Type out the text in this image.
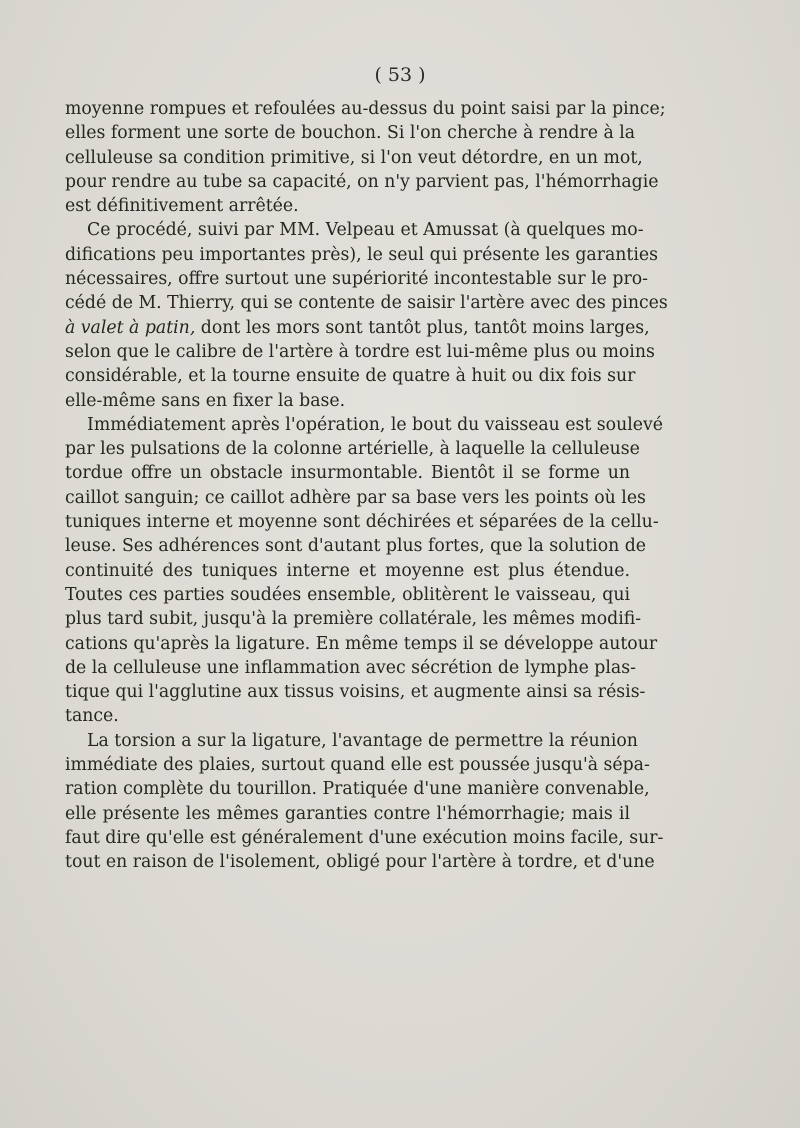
( 53 )
moyenne rompues et refoulées au-dessus du point saisi par la pince;
elles forment une sorte de bouchon. Si l'on cherche à rendre à la
celluleuse sa condition primitive, si l'on veut détordre, en un mot,
pour rendre au tube sa capacité, on n'y parvient pas, l'hémorrhagie
est définitivement arrêtée.
Ce procédé, suivi par MM. Velpeau et Amussat (à quelques mo-
difications peu importantes près), le seul qui présente les garanties
nécessaires, offre surtout une supériorité incontestable sur le pro-
cédé de M. Thierry, qui se contente de saisir l'artère avec des pinces
à valet à patin, dont les mors sont tantôt plus, tantôt moins larges,
selon que le calibre de l'artère à tordre est lui-même plus ou moins
considérable, et la tourne ensuite de quatre à huit ou dix fois sur
elle-même sans en fixer la base.
Immédiatement après l'opération, le bout du vaisseau est soulevé
par les pulsations de la colonne artérielle, à laquelle la celluleuse
tordue offre un obstacle insurmontable. Bientôt il se forme un
caillot sanguin; ce caillot adhère par sa base vers les points où les
tuniques interne et moyenne sont déchirées et séparées de la cellu-
leuse. Ses adhérences sont d'autant plus fortes, que la solution de
continuité des tuniques interne et moyenne est plus étendue.
Toutes ces parties soudées ensemble, oblitèrent le vaisseau, qui
plus tard subit, jusqu'à la première collatérale, les mêmes modifi-
cations qu'après la ligature. En même temps il se développe autour
de la celluleuse une inflammation avec sécrétion de lymphe plas-
tique qui l'agglutine aux tissus voisins, et augmente ainsi sa résis-
tance.
La torsion a sur la ligature, l'avantage de permettre la réunion
immédiate des plaies, surtout quand elle est poussée jusqu'à sépa-
ration complète du tourillon. Pratiquée d'une manière convenable,
elle présente les mêmes garanties contre l'hémorrhagie; mais il
faut dire qu'elle est généralement d'une exécution moins facile, sur-
tout en raison de l'isolement, obligé pour l'artère à tordre, et d'une
